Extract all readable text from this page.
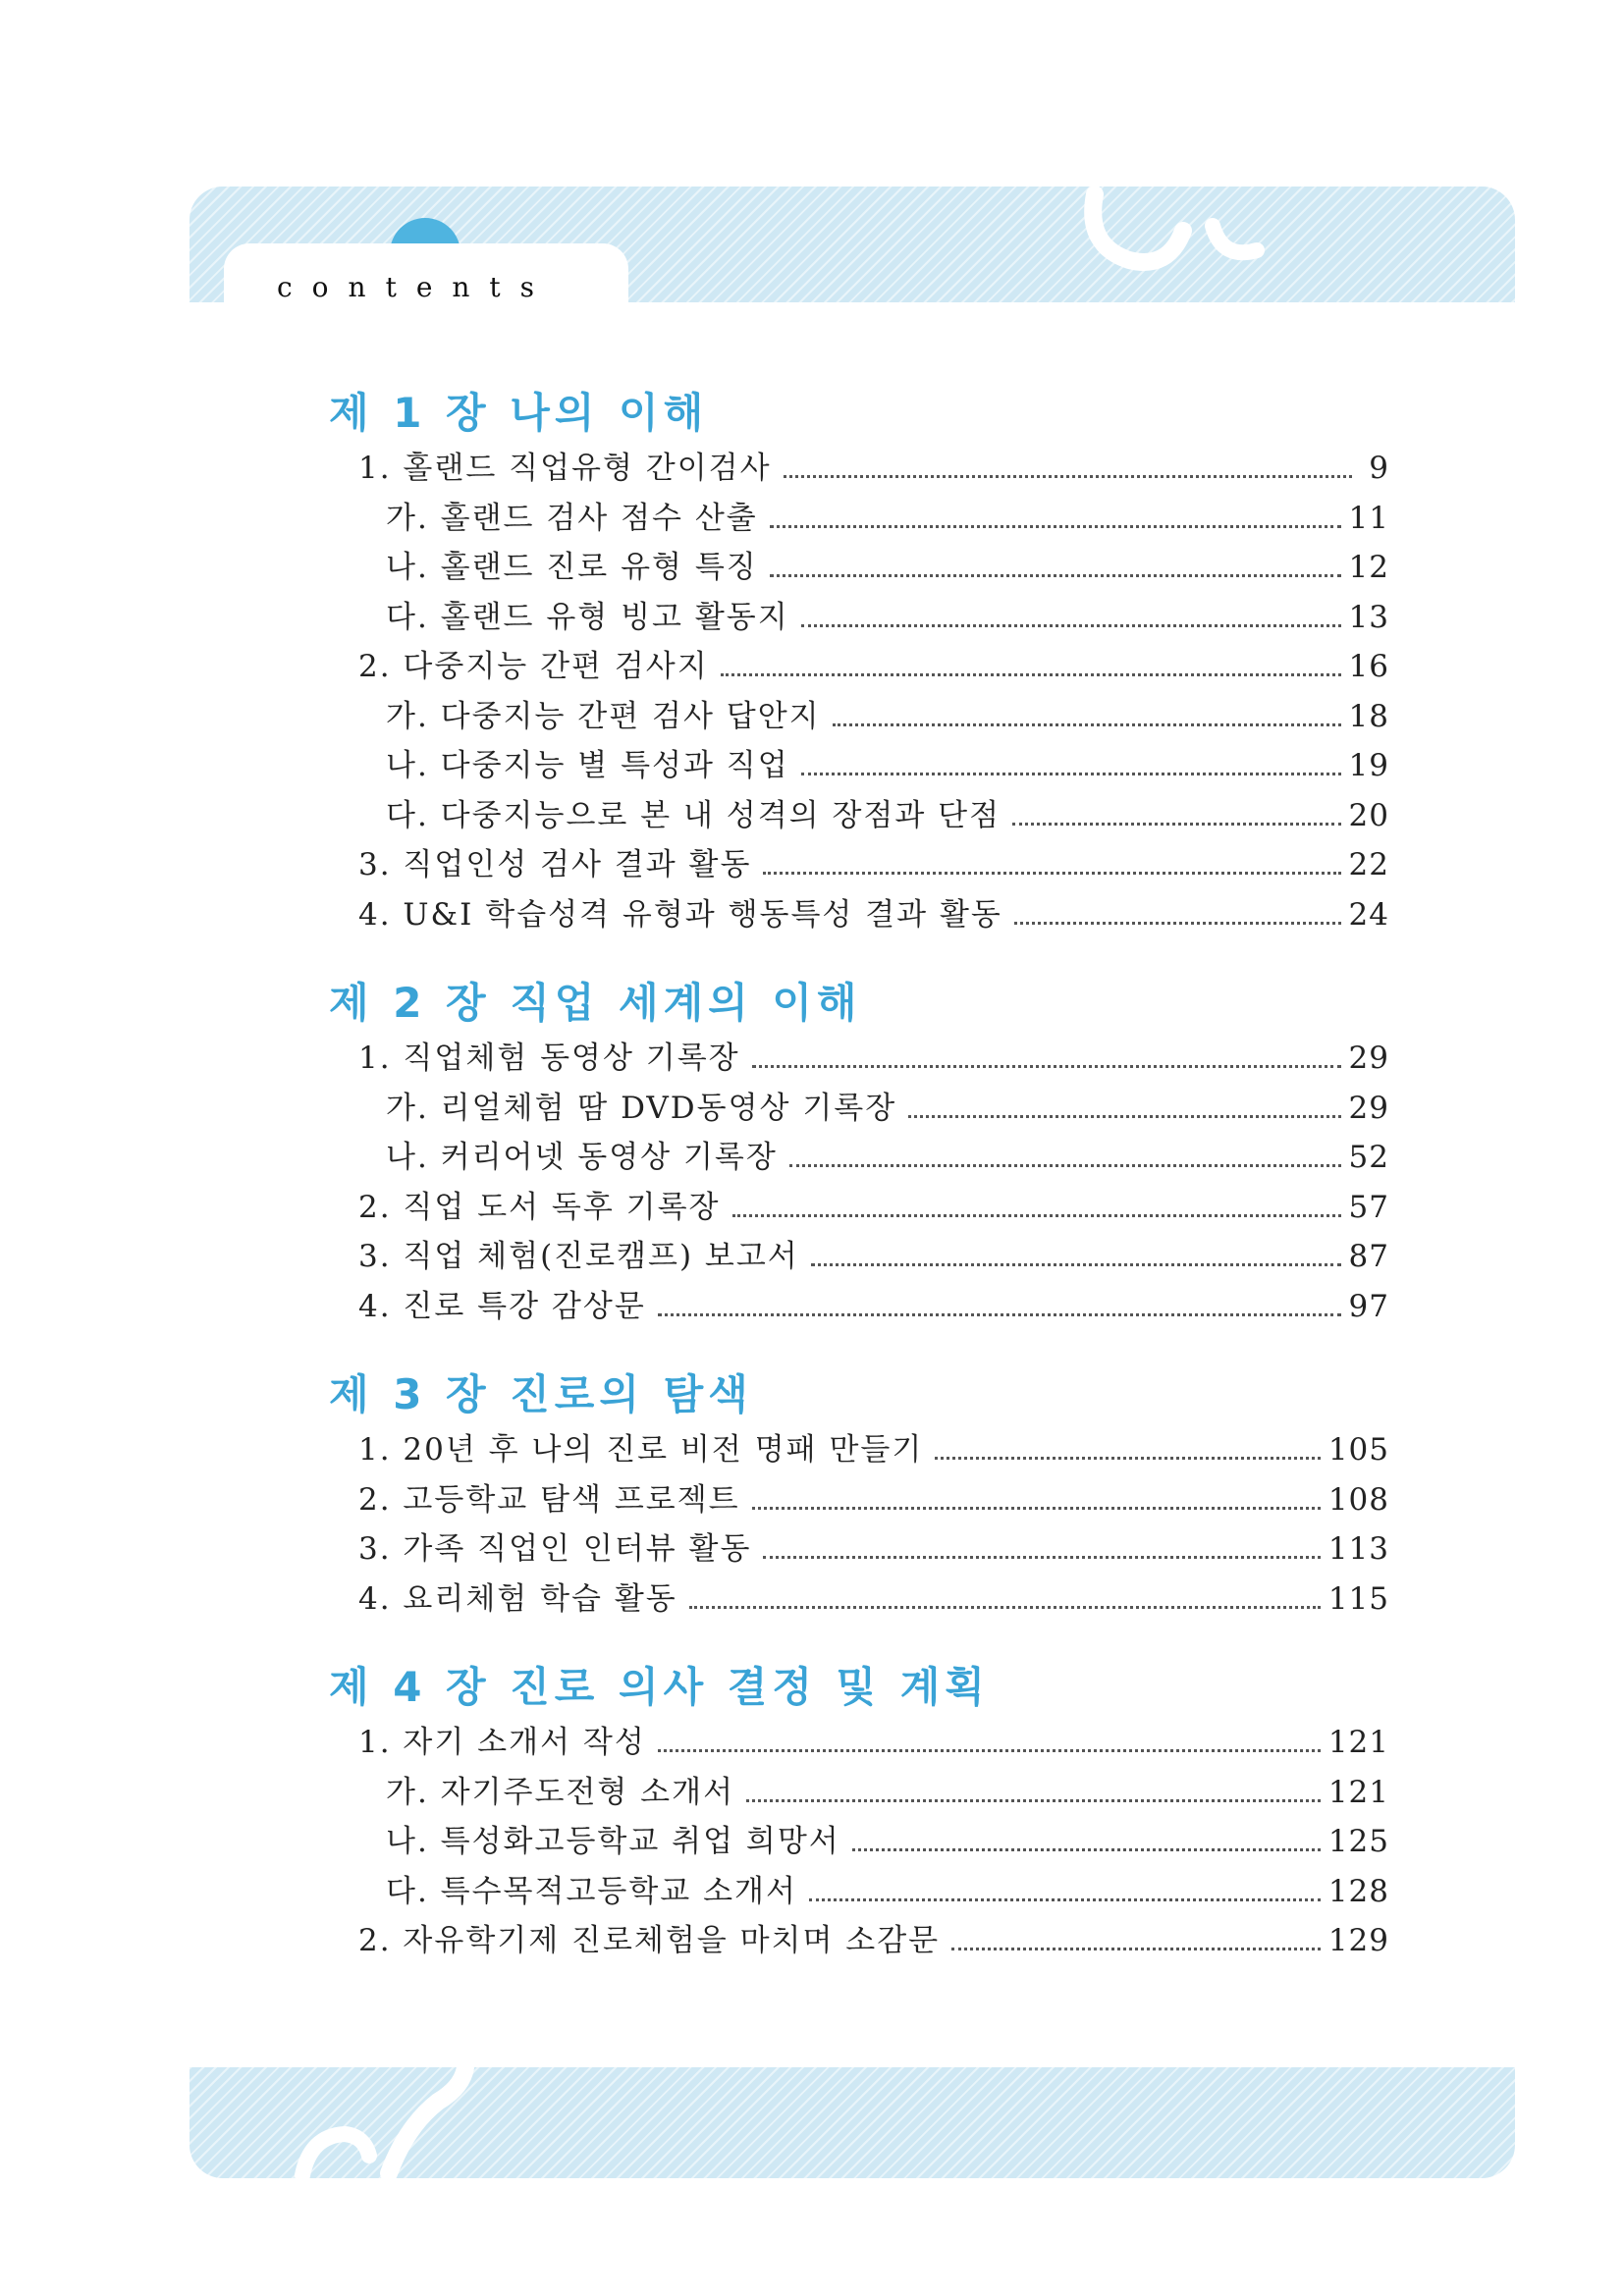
contents
제 1 장 나의 이해
1. 홀랜드 직업유형 간이검사	9
가. 홀랜드 검사 점수 산출	11
나. 홀랜드 진로 유형 특징	12
다. 홀랜드 유형 빙고 활동지	13
2. 다중지능 간편 검사지	16
가. 다중지능 간편 검사 답안지	18
나. 다중지능 별 특성과 직업	19
다. 다중지능으로 본 내 성격의 장점과 단점	20
3. 직업인성 검사 결과 활동	22
4. U&I 학습성격 유형과 행동특성 결과 활동	24
제 2 장 직업 세계의 이해
1. 직업체험 동영상 기록장	29
가. 리얼체험 땀 DVD동영상 기록장	29
나. 커리어넷 동영상 기록장	52
2. 직업 도서 독후 기록장	57
3. 직업 체험(진로캠프) 보고서	87
4. 진로 특강 감상문	97
제 3 장 진로의 탐색
1. 20년 후 나의 진로 비전 명패 만들기	105
2. 고등학교 탐색 프로젝트	108
3. 가족 직업인 인터뷰 활동	113
4. 요리체험 학습 활동	115
제 4 장 진로 의사 결정 및 계획
1. 자기 소개서 작성	121
가. 자기주도전형 소개서	121
나. 특성화고등학교 취업 희망서	125
다. 특수목적고등학교 소개서	128
2. 자유학기제 진로체험을 마치며 소감문	129
